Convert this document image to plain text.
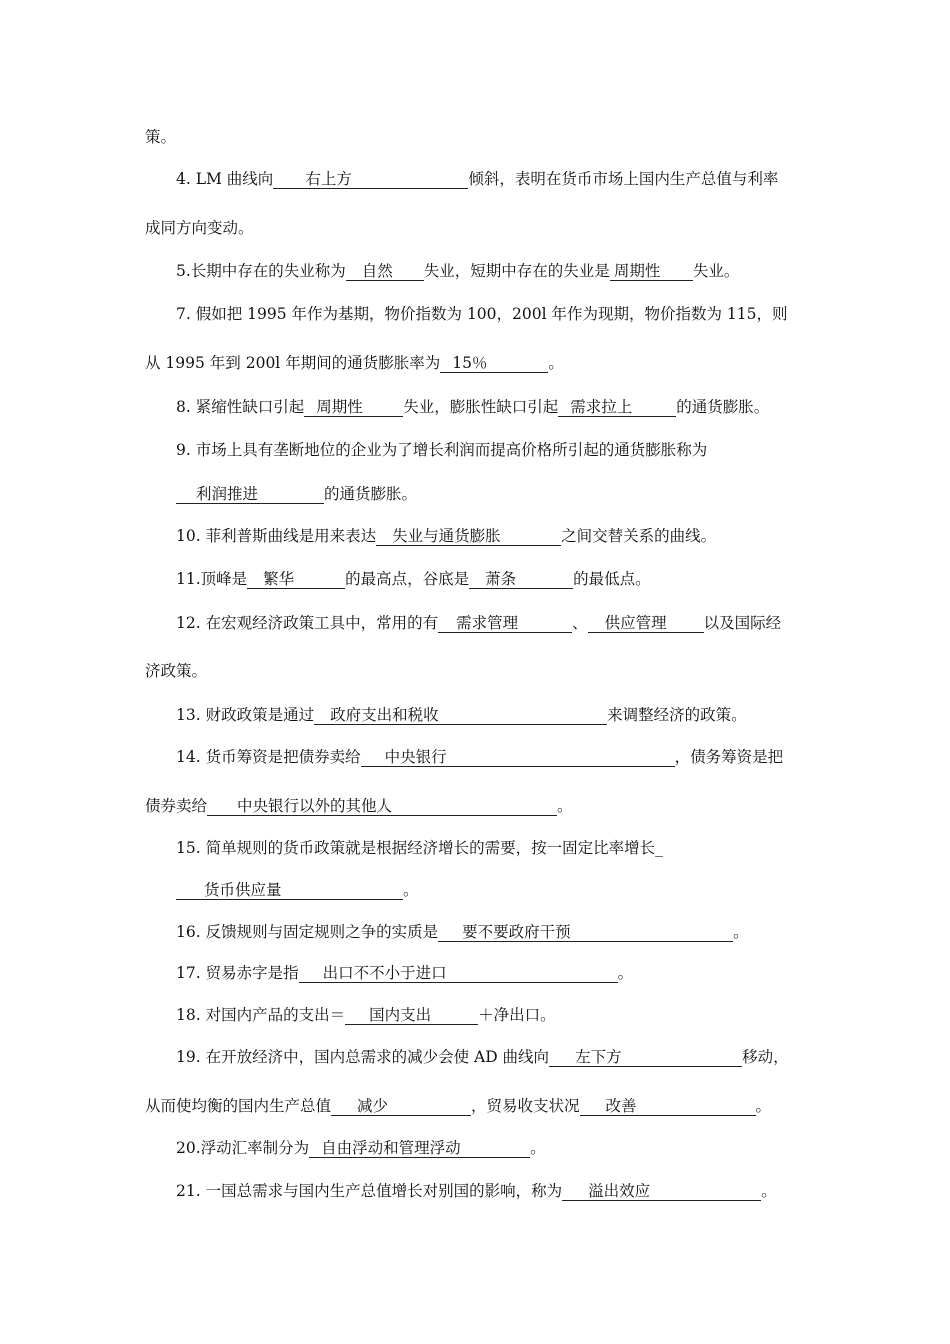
策。
4. LM 曲线向 右上方	倾斜，表明在货币市场上国内生产总值与利率
成同方向变动。
5.长期中存在的失业称为 自然 失业，短期中存在的失业是 周期性 失业。
7. 假如把 1995 年作为基期，物价指数为 100，200l 年作为现期，物价指数为 115，则
从 1995 年到 200l 年期间的通货膨胀率为 15％	。
8. 紧缩性缺口引起 周期性	失业，膨胀性缺口引起 需求拉上	的通货膨胀。
9. 市场上具有垄断地位的企业为了增长利润而提高价格所引起的通货膨胀称为
利润推进	的通货膨胀。
10. 菲利普斯曲线是用来表达 失业与通货膨胀	之间交替关系的曲线。
11.顶峰是 繁华	的最高点，谷底是 萧条	的最低点。
12. 在宏观经济政策工具中，常用的有 需求管理	、 供应管理 以及国际经
济政策。
13. 财政政策是通过 政府支出和税收	来调整经济的政策。
14. 货币筹资是把债券卖给 中央银行	，债务筹资是把
债券卖给 中央银行以外的其他人	。
15. 简单规则的货币政策就是根据经济增长的需要，按一固定比率增长_
货币供应量	。
16. 反馈规则与固定规则之争的实质是 要不要政府干预	。
17. 贸易赤字是指 出口不不小于进口	。
18. 对国内产品的支出＝ 国内支出	＋净出口。
19. 在开放经济中，国内总需求的减少会使 AD 曲线向 左下方	移动，
从而使均衡的国内生产总值 减少	，贸易收支状况 改善	。
20.浮动汇率制分为 自由浮动和管理浮动	。
21. 一国总需求与国内生产总值增长对别国的影响，称为 溢出效应	。
